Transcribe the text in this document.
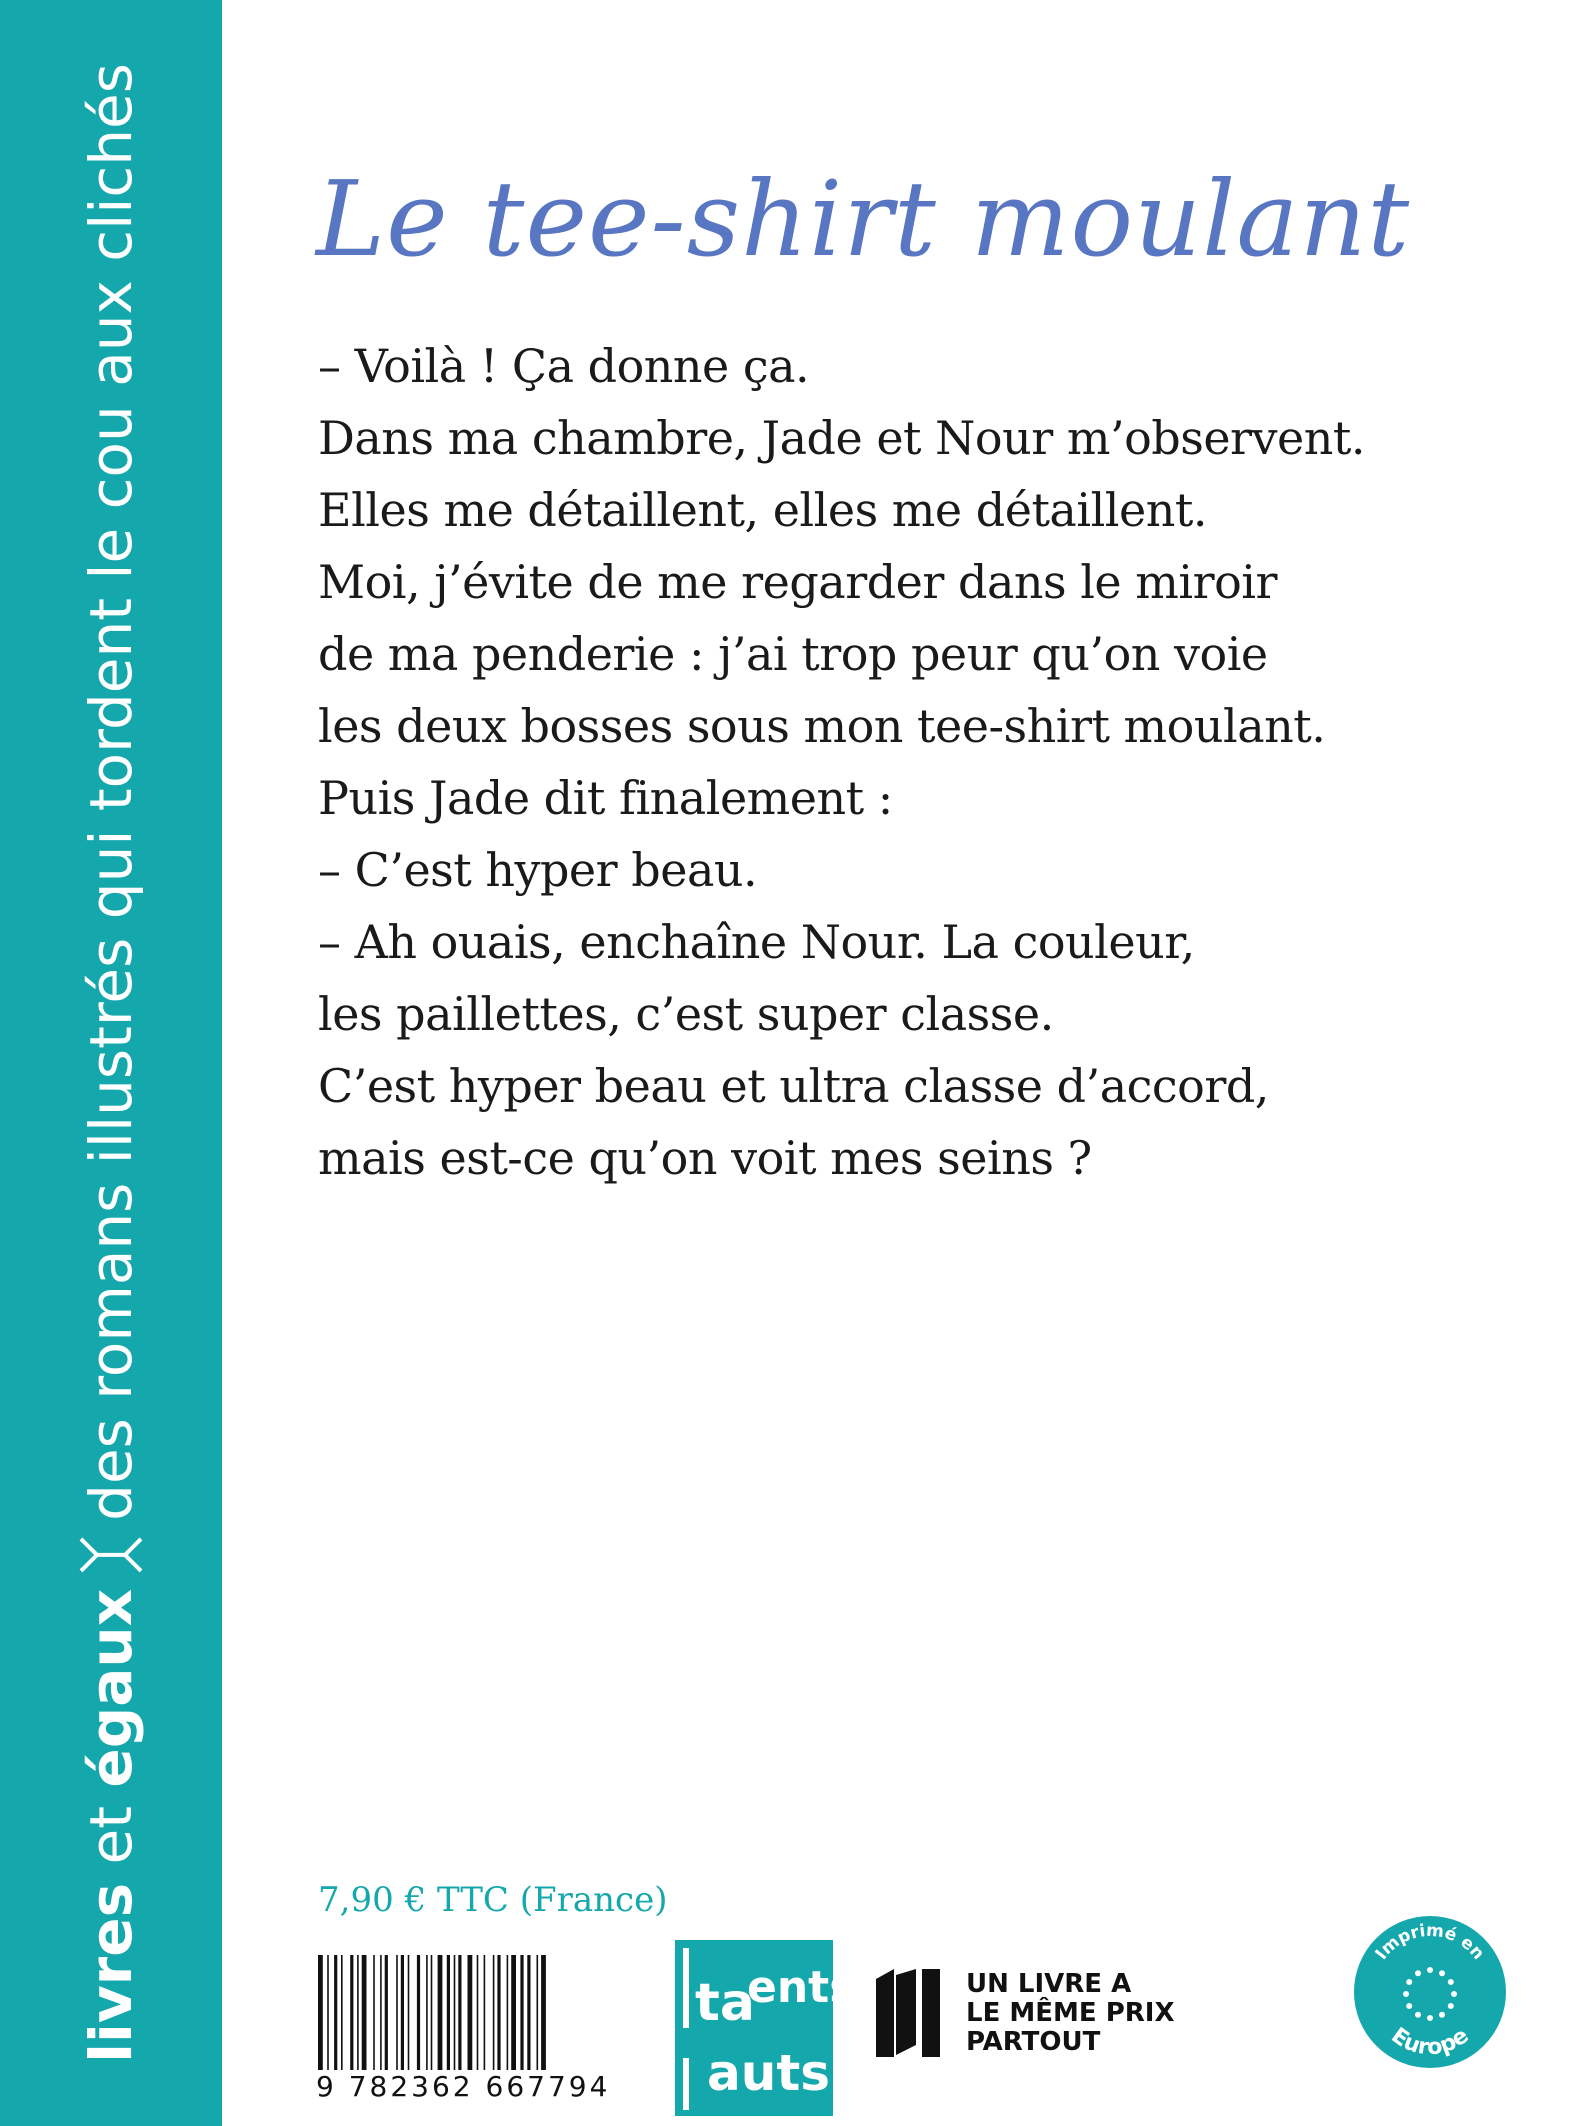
livres et égaux
des romans illustrés qui tordent le cou aux clichés Le tee-shirt moulant
– Voilà ! Ça donne ça.
Dans ma chambre, Jade et Nour m’observent.
Elles me détaillent, elles me détaillent.
Moi, j’évite de me regarder dans le miroir
de ma penderie : j’ai trop peur qu’on voie
les deux bosses sous mon tee-shirt moulant.
Puis Jade dit finalement :
– C’est hyper beau.
– Ah ouais, enchaîne Nour. La couleur,
les paillettes, c’est super classe.
C’est hyper beau et ultra classe d’accord,
mais est-ce qu’on voit mes seins ?
7,90 € TTC (France)
9 782362 667794
ta
ents
auts
UN LIVRE A
LE MÊME PRIX
PARTOUT
Imprimé en
Europe
